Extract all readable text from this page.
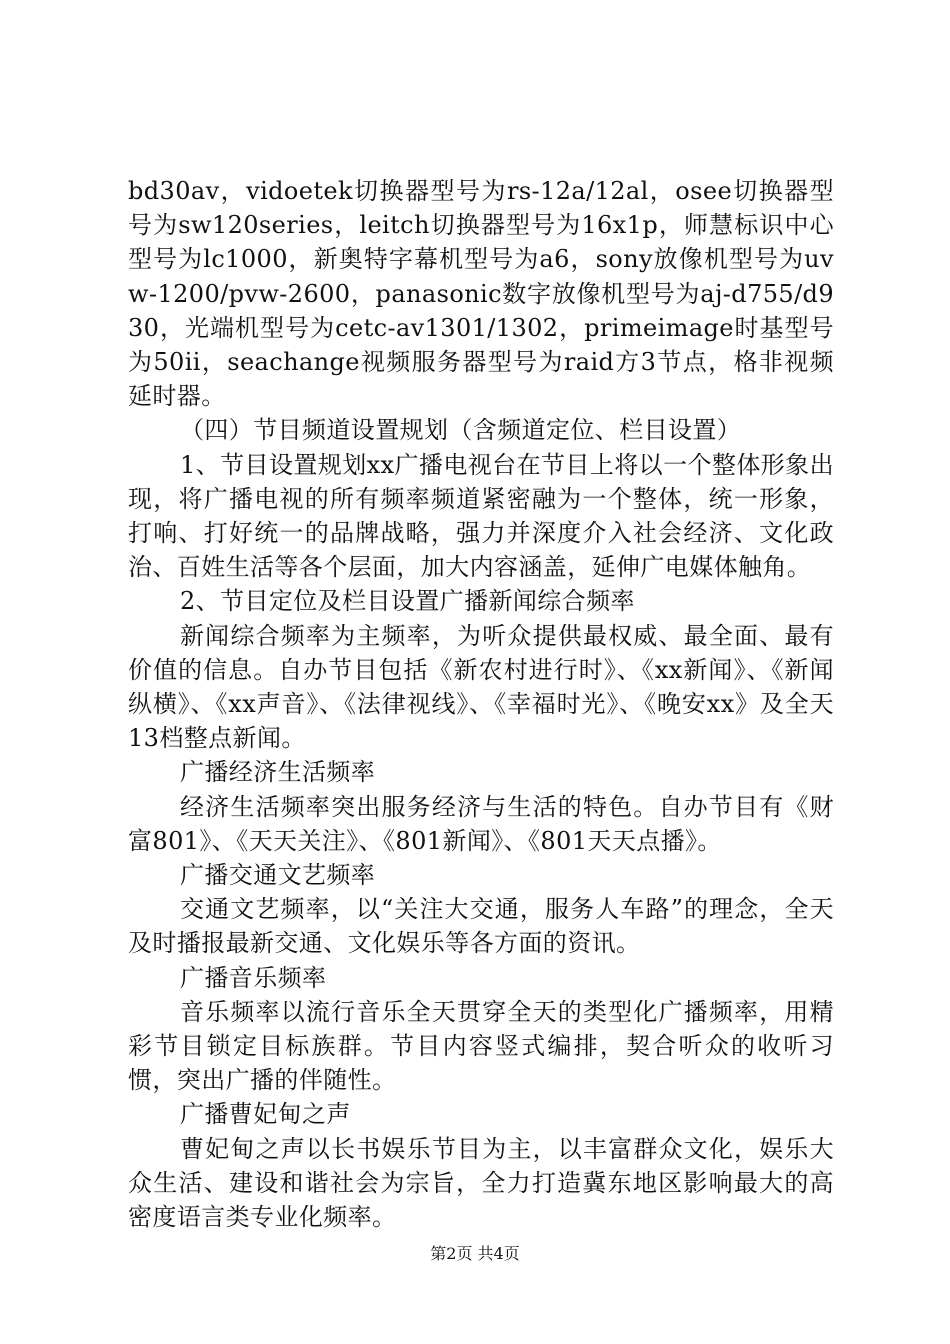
bd30av，vidoetek切换器型号为rs-12a/12al，osee切换器型号为sw120series，leitch切换器型号为16x1p，师慧标识中心型号为lc1000，新奥特字幕机型号为a6，sony放像机型号为uvw-1200/pvw-2600，panasonic数字放像机型号为aj-d755/d930，光端机型号为cetc-av1301/1302，primeimage时基型号为50ii，seachange视频服务器型号为raid方3节点，格非视频延时器。

（四）节目频道设置规划（含频道定位、栏目设置）

1、节目设置规划xx广播电视台在节目上将以一个整体形象出现，将广播电视的所有频率频道紧密融为一个整体，统一形象，打响、打好统一的品牌战略，强力并深度介入社会经济、文化政治、百姓生活等各个层面，加大内容涵盖，延伸广电媒体触角。

2、节目定位及栏目设置广播新闻综合频率

新闻综合频率为主频率，为听众提供最权威、最全面、最有价值的信息。自办节目包括《新农村进行时》、《xx新闻》、《新闻纵横》、《xx声音》、《法律视线》、《幸福时光》、《晚安xx》及全天13档整点新闻。

广播经济生活频率

经济生活频率突出服务经济与生活的特色。自办节目有《财富801》、《天天关注》、《801新闻》、《801天天点播》。

广播交通文艺频率

交通文艺频率，以“关注大交通，服务人车路”的理念，全天及时播报最新交通、文化娱乐等各方面的资讯。

广播音乐频率

音乐频率以流行音乐全天贯穿全天的类型化广播频率，用精彩节目锁定目标族群。节目内容竖式编排，契合听众的收听习惯，突出广播的伴随性。

广播曹妃甸之声

曹妃甸之声以长书娱乐节目为主，以丰富群众文化，娱乐大众生活、建设和谐社会为宗旨，全力打造冀东地区影响最大的高密度语言类专业化频率。

第2页 共4页
